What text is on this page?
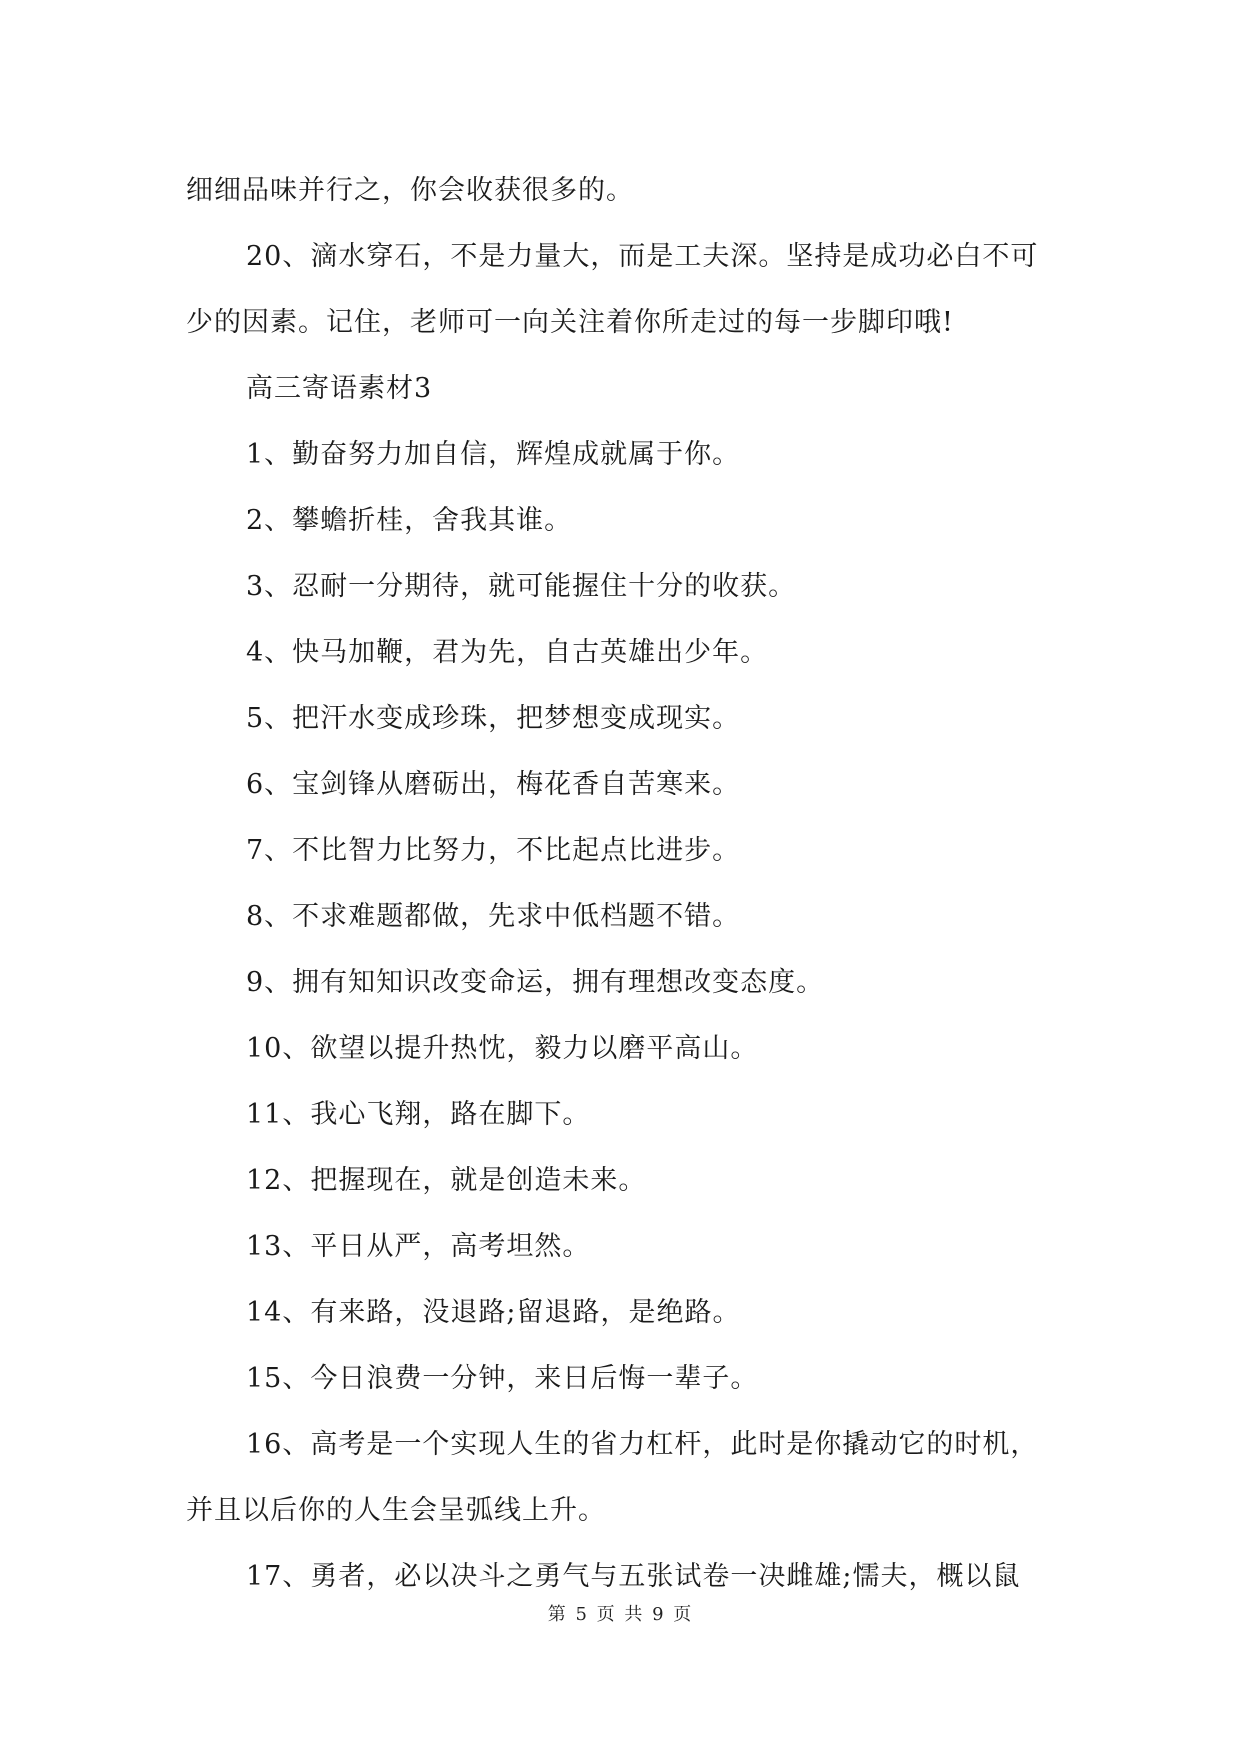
细细品味并行之，你会收获很多的。
20、滴水穿石，不是力量大，而是工夫深。坚持是成功必白不可
少的因素。记住，老师可一向关注着你所走过的每一步脚印哦!
高三寄语素材3
1、勤奋努力加自信，辉煌成就属于你。
2、攀蟾折桂，舍我其谁。
3、忍耐一分期待，就可能握住十分的收获。
4、快马加鞭，君为先，自古英雄出少年。
5、把汗水变成珍珠，把梦想变成现实。
6、宝剑锋从磨砺出，梅花香自苦寒来。
7、不比智力比努力，不比起点比进步。
8、不求难题都做，先求中低档题不错。
9、拥有知知识改变命运，拥有理想改变态度。
10、欲望以提升热忱，毅力以磨平高山。
11、我心飞翔，路在脚下。
12、把握现在，就是创造未来。
13、平日从严，高考坦然。
14、有来路，没退路;留退路，是绝路。
15、今日浪费一分钟，来日后悔一辈子。
16、高考是一个实现人生的省力杠杆，此时是你撬动它的时机，
并且以后你的人生会呈弧线上升。
17、勇者，必以决斗之勇气与五张试卷一决雌雄;懦夫，概以鼠
第 5 页 共 9 页
